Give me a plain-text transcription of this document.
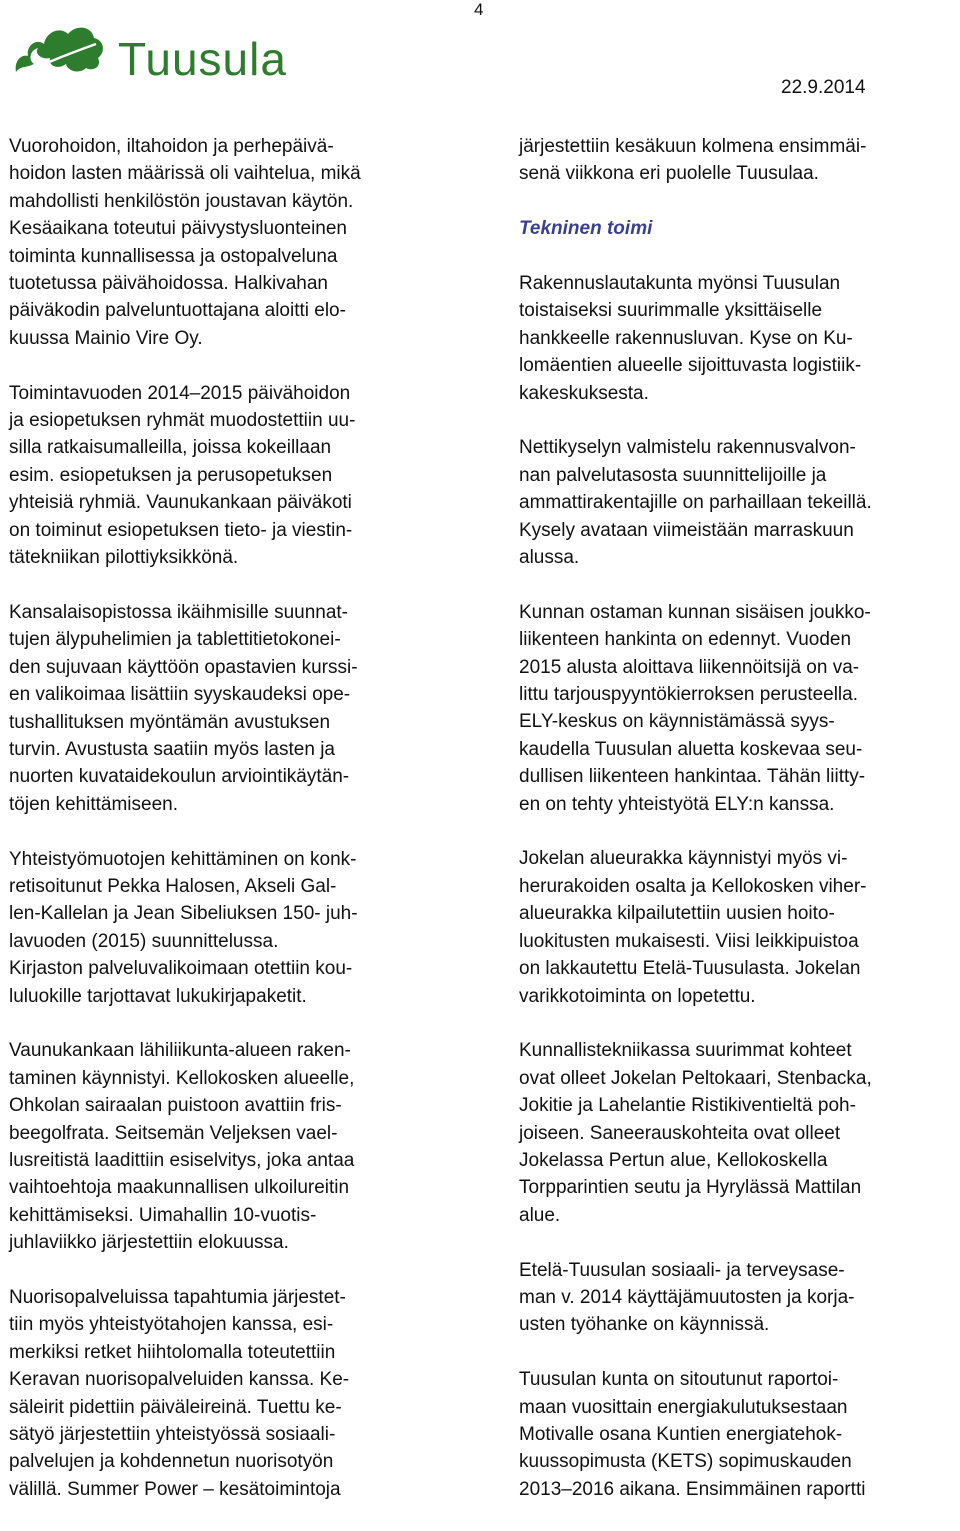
4
Tuusula
22.9.2014

Vuorohoidon, iltahoidon ja perhepäivä-
hoidon lasten määrissä oli vaihtelua, mikä
mahdollisti henkilöstön joustavan käytön.
Kesäaikana toteutui päivystysluonteinen
toiminta kunnallisessa ja ostopalveluna
tuotetussa päivähoidossa. Halkivahan
päiväkodin palveluntuottajana aloitti elo-
kuussa Mainio Vire Oy.

Toimintavuoden 2014–2015 päivähoidon
ja esiopetuksen ryhmät muodostettiin uu-
silla ratkaisumalleilla, joissa kokeillaan
esim. esiopetuksen ja perusopetuksen
yhteisiä ryhmiä. Vaunukankaan päiväkoti
on toiminut esiopetuksen tieto- ja viestin-
tätekniikan pilottiyksikkönä.

Kansalaisopistossa ikäihmisille suunnat-
tujen älypuhelimien ja tablettitietokonei-
den sujuvaan käyttöön opastavien kurssi-
en valikoimaa lisättiin syyskaudeksi ope-
tushallituksen myöntämän avustuksen
turvin. Avustusta saatiin myös lasten ja
nuorten kuvataidekoulun arviointikäytän-
töjen kehittämiseen.

Yhteistyömuotojen kehittäminen on konk-
retisoitunut Pekka Halosen, Akseli Gal-
len-Kallelan ja Jean Sibeliuksen 150- juh-
lavuoden (2015) suunnittelussa.
Kirjaston palveluvalikoimaan otettiin kou-
luluokille tarjottavat lukukirjapaketit.

Vaunukankaan lähiliikunta-alueen raken-
taminen käynnistyi. Kellokosken alueelle,
Ohkolan sairaalan puistoon avattiin fris-
beegolfrata. Seitsemän Veljeksen vael-
lusreitistä laadittiin esiselvitys, joka antaa
vaihtoehtoja maakunnallisen ulkoilureitin
kehittämiseksi. Uimahallin 10-vuotis-
juhlaviikko järjestettiin elokuussa.

Nuorisopalveluissa tapahtumia järjestet-
tiin myös yhteistyötahojen kanssa, esi-
merkiksi retket hiihtolomalla toteutettiin
Keravan nuorisopalveluiden kanssa. Ke-
säleirit pidettiin päiväleireinä. Tuettu ke-
sätyö järjestettiin yhteistyössä sosiaali-
palvelujen ja kohdennetun nuorisotyön
välillä. Summer Power – kesätoimintoja

järjestettiin kesäkuun kolmena ensimmäi-
senä viikkona eri puolelle Tuusulaa.

Tekninen toimi

Rakennuslautakunta myönsi Tuusulan
toistaiseksi suurimmalle yksittäiselle
hankkeelle rakennusluvan. Kyse on Ku-
lomäentien alueelle sijoittuvasta logistiik-
kakeskuksesta.

Nettikyselyn valmistelu rakennusvalvon-
nan palvelutasosta suunnittelijoille ja
ammattirakentajille on parhaillaan tekeillä.
Kysely avataan viimeistään marraskuun
alussa.

Kunnan ostaman kunnan sisäisen joukko-
liikenteen hankinta on edennyt. Vuoden
2015 alusta aloittava liikennöitsijä on va-
littu tarjouspyyntökierroksen perusteella.
ELY-keskus on käynnistämässä syys-
kaudella Tuusulan aluetta koskevaa seu-
dullisen liikenteen hankintaa. Tähän liitty-
en on tehty yhteistyötä ELY:n kanssa.

Jokelan alueurakka käynnistyi myös vi-
herurakoiden osalta ja Kellokosken viher-
alueurakka kilpailutettiin uusien hoito-
luokitusten mukaisesti. Viisi leikkipuistoa
on lakkautettu Etelä-Tuusulasta. Jokelan
varikkotoiminta on lopetettu.

Kunnallistekniikassa suurimmat kohteet
ovat olleet Jokelan Peltokaari, Stenbacka,
Jokitie ja Lahelantie Ristikiventieltä poh-
joiseen. Saneerauskohteita ovat olleet
Jokelassa Pertun alue, Kellokoskella
Torpparintien seutu ja Hyrylässä Mattilan
alue.

Etelä-Tuusulan sosiaali- ja terveysase-
man v. 2014 käyttäjämuutosten ja korja-
usten työhanke on käynnissä.

Tuusulan kunta on sitoutunut raportoi-
maan vuosittain energiakulutuksestaan
Motivalle osana Kuntien energiatehok-
kuussopimusta (KETS) sopimuskauden
2013–2016 aikana. Ensimmäinen raportti
